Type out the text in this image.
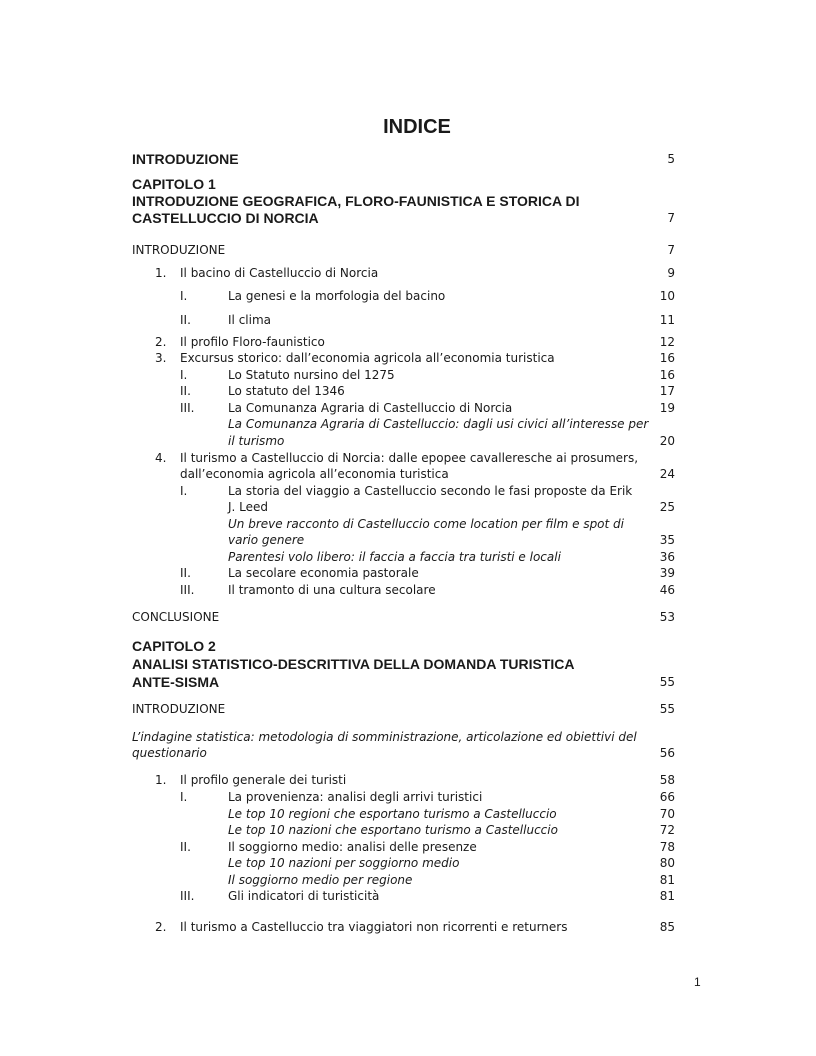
INDICE
INTRODUZIONE	5
CAPITOLO 1
INTRODUZIONE GEOGRAFICA, FLORO-FAUNISTICA E STORICA DI
CASTELLUCCIO DI NORCIA	7
INTRODUZIONE	7
1. Il bacino di Castelluccio di Norcia	9
I.	La genesi e la morfologia del bacino	10
II.	Il clima	11
2. Il profilo Floro-faunistico	12
3. Excursus storico: dall’economia agricola all’economia turistica	16
I.	Lo Statuto nursino del 1275	16
II.	Lo statuto del 1346	17
III.	La Comunanza Agraria di Castelluccio di Norcia	19
La Comunanza Agraria di Castelluccio: dagli usi civici all’interesse per
il turismo	20
4. Il turismo a Castelluccio di Norcia: dalle epopee cavalleresche ai prosumers,
dall’economia agricola all’economia turistica	24
I.	La storia del viaggio a Castelluccio secondo le fasi proposte da Erik
J. Leed	25
Un breve racconto di Castelluccio come location per film e spot di
vario genere	35
Parentesi volo libero: il faccia a faccia tra turisti e locali	36
II.	La secolare economia pastorale	39
III.	Il tramonto di una cultura secolare	46
CONCLUSIONE	53
CAPITOLO 2
ANALISI STATISTICO-DESCRITTIVA DELLA DOMANDA TURISTICA
ANTE-SISMA	55
INTRODUZIONE	55
L’indagine statistica: metodologia di somministrazione, articolazione ed obiettivi del
questionario	56
1. Il profilo generale dei turisti	58
I.	La provenienza: analisi degli arrivi turistici	66
Le top 10 regioni che esportano turismo a Castelluccio	70
Le top 10 nazioni che esportano turismo a Castelluccio	72
II.	Il soggiorno medio: analisi delle presenze	78
Le top 10 nazioni per soggiorno medio	80
Il soggiorno medio per regione	81
III.	Gli indicatori di turisticità	81
2. Il turismo a Castelluccio tra viaggiatori non ricorrenti e returners	85
1
